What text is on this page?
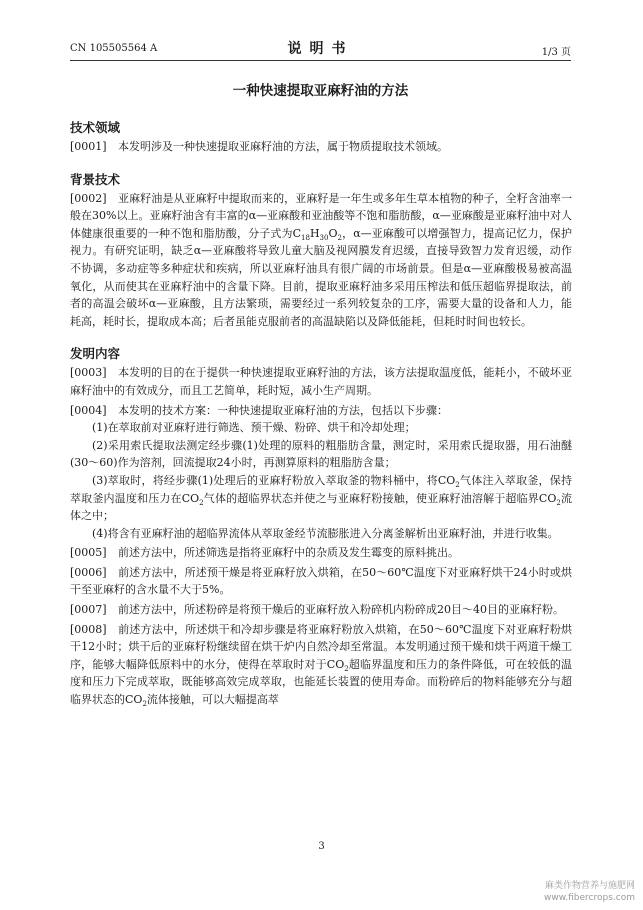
CN 105505564 A	说明书	1/3 页
一种快速提取亚麻籽油的方法

技术领域

[0001] 本发明涉及一种快速提取亚麻籽油的方法，属于物质提取技术领域。

背景技术

[0002] 亚麻籽油是从亚麻籽中提取而来的，亚麻籽是一年生或多年生草本植物的种子，全籽含油率一般在30%以上。亚麻籽油含有丰富的α—亚麻酸和亚油酸等不饱和脂肪酸，α—亚麻酸是亚麻籽油中对人体健康很重要的一种不饱和脂肪酸，分子式为$C_{18}H_{30}O_2$，α—亚麻酸可以增强智力，提高记忆力，保护视力。有研究证明，缺乏α—亚麻酸将导致儿童大脑及视网膜发育迟缓，直接导致智力发育迟缓，动作不协调，多动症等多种症状和疾病，所以亚麻籽油具有很广阔的市场前景。但是α—亚麻酸极易被高温氧化，从而使其在亚麻籽油中的含量下降。目前，提取亚麻籽油多采用压榨法和低压超临界提取法，前者的高温会破坏α—亚麻酸，且方法繁琐，需要经过一系列较复杂的工序，需要大量的设备和人力，能耗高，耗时长，提取成本高；后者虽能克服前者的高温缺陷以及降低能耗，但耗时时间也较长。

发明内容

[0003] 本发明的目的在于提供一种快速提取亚麻籽油的方法，该方法提取温度低，能耗小，不破坏亚麻籽油中的有效成分，而且工艺简单，耗时短，减小生产周期。

[0004] 本发明的技术方案：一种快速提取亚麻籽油的方法，包括以下步骤：

(1)在萃取前对亚麻籽进行筛选、预干燥、粉碎、烘干和冷却处理；

(2)采用索氏提取法测定经步骤(1)处理的原料的粗脂肪含量，测定时，采用索氏提取器，用石油醚(30～60)作为溶剂，回流提取24小时，再测算原料的粗脂肪含量；

(3)萃取时，将经步骤(1)处理后的亚麻籽粉放入萃取釜的物料桶中，将$CO_2$气体注入萃取釜，保持萃取釜内温度和压力在$CO_2$气体的超临界状态并使之与亚麻籽粉接触，使亚麻籽油溶解于超临界$CO_2$流体之中；

(4)将含有亚麻籽油的超临界流体从萃取釜经节流膨胀进入分离釜解析出亚麻籽油，并进行收集。

[0005] 前述方法中，所述筛选是指将亚麻籽中的杂质及发生霉变的原料挑出。

[0006] 前述方法中，所述预干燥是将亚麻籽放入烘箱，在50～60℃温度下对亚麻籽烘干24小时或烘干至亚麻籽的含水量不大于5%。

[0007] 前述方法中，所述粉碎是将预干燥后的亚麻籽放入粉碎机内粉碎成20目～40目的亚麻籽粉。

[0008] 前述方法中，所述烘干和冷却步骤是将亚麻籽粉放入烘箱，在50～60℃温度下对亚麻籽粉烘干12小时；烘干后的亚麻籽粉继续留在烘干炉内自然冷却至常温。本发明通过预干燥和烘干两道干燥工序，能够大幅降低原料中的水分，使得在萃取时对于$CO_2$超临界温度和压力的条件降低，可在较低的温度和压力下完成萃取，既能够高效完成萃取，也能延长装置的使用寿命。而粉碎后的物料能够充分与超临界状态的$CO_2$流体接触，可以大幅提高萃

3
麻类作物营养与施肥网
www.fibercrops.com
